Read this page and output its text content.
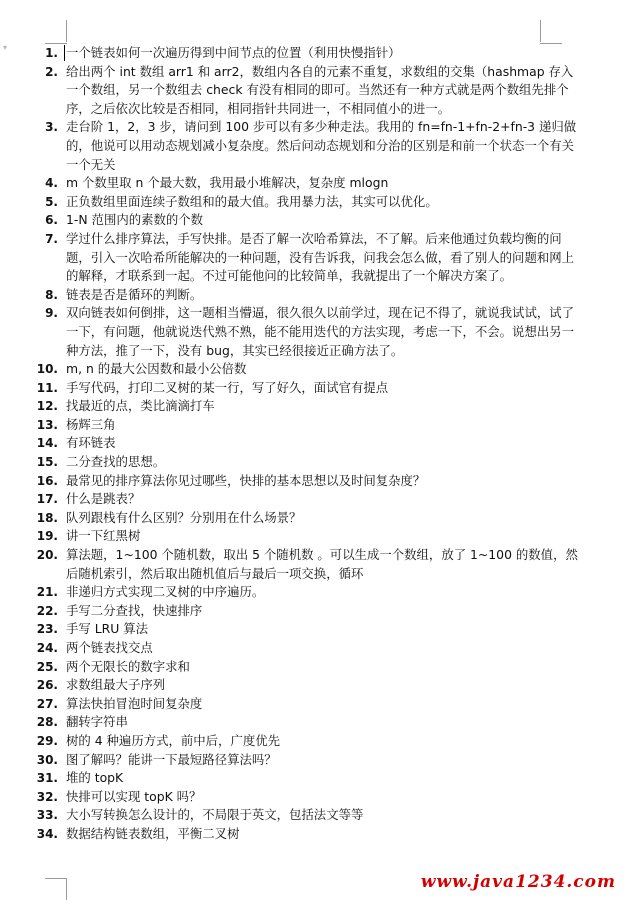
▾	1. 一个链表如何一次遍历得到中间节点的位置（利用快慢指针）
2. 给出两个 int 数组 arr1 和 arr2，数组内各自的元素不重复，求数组的交集（hashmap 存入一个数组，另一个数组去 check 有没有相同的即可。当然还有一种方式就是两个数组先排个序，之后依次比较是否相同，相同指针共同进一，不相同值小的进一。
3. 走台阶 1，2，3 步，请问到 100 步可以有多少种走法。我用的 fn=fn-1+fn-2+fn-3 递归做的，他说可以用动态规划减小复杂度。然后问动态规划和分治的区别是和前一个状态一个有关一个无关
4. m 个数里取 n 个最大数，我用最小堆解决，复杂度 mlogn
5. 正负数组里面连续子数组和的最大值。我用暴力法，其实可以优化。
6. 1-N 范围内的素数的个数
7. 学过什么排序算法，手写快排。是否了解一次哈希算法，不了解。后来他通过负载均衡的问题，引入一次哈希所能解决的一种问题，没有告诉我，问我会怎么做，看了别人的问题和网上的解释，才联系到一起。不过可能他问的比较简单，我就提出了一个解决方案了。
8. 链表是否是循环的判断。
9. 双向链表如何倒排，这一题相当懵逼，很久很久以前学过，现在记不得了，就说我试试，试了一下，有问题，他就说迭代熟不熟，能不能用迭代的方法实现，考虑一下，不会。说想出另一种方法，推了一下，没有 bug，其实已经很接近正确方法了。
10. m, n 的最大公因数和最小公倍数
11. 手写代码，打印二叉树的某一行，写了好久，面试官有提点
12. 找最近的点，类比滴滴打车
13. 杨辉三角
14. 有环链表
15. 二分查找的思想。
16. 最常见的排序算法你见过哪些，快排的基本思想以及时间复杂度？
17. 什么是跳表？
18. 队列跟栈有什么区别？分别用在什么场景？
19. 讲一下红黑树
20. 算法题，1~100 个随机数，取出 5 个随机数 。可以生成一个数组，放了 1~100 的数值，然后随机索引，然后取出随机值后与最后一项交换，循环
21. 非递归方式实现二叉树的中序遍历。
22. 手写二分查找，快速排序
23. 手写 LRU 算法
24. 两个链表找交点
25. 两个无限长的数字求和
26. 求数组最大子序列
27. 算法快拍冒泡时间复杂度
28. 翻转字符串
29. 树的 4 种遍历方式，前中后，广度优先
30. 图了解吗？能讲一下最短路径算法吗？
31. 堆的 topK
32. 快排可以实现 topK 吗？
33. 大小写转换怎么设计的，不局限于英文，包括法文等等
34. 数据结构链表数组，平衡二叉树
www.java1234.com
